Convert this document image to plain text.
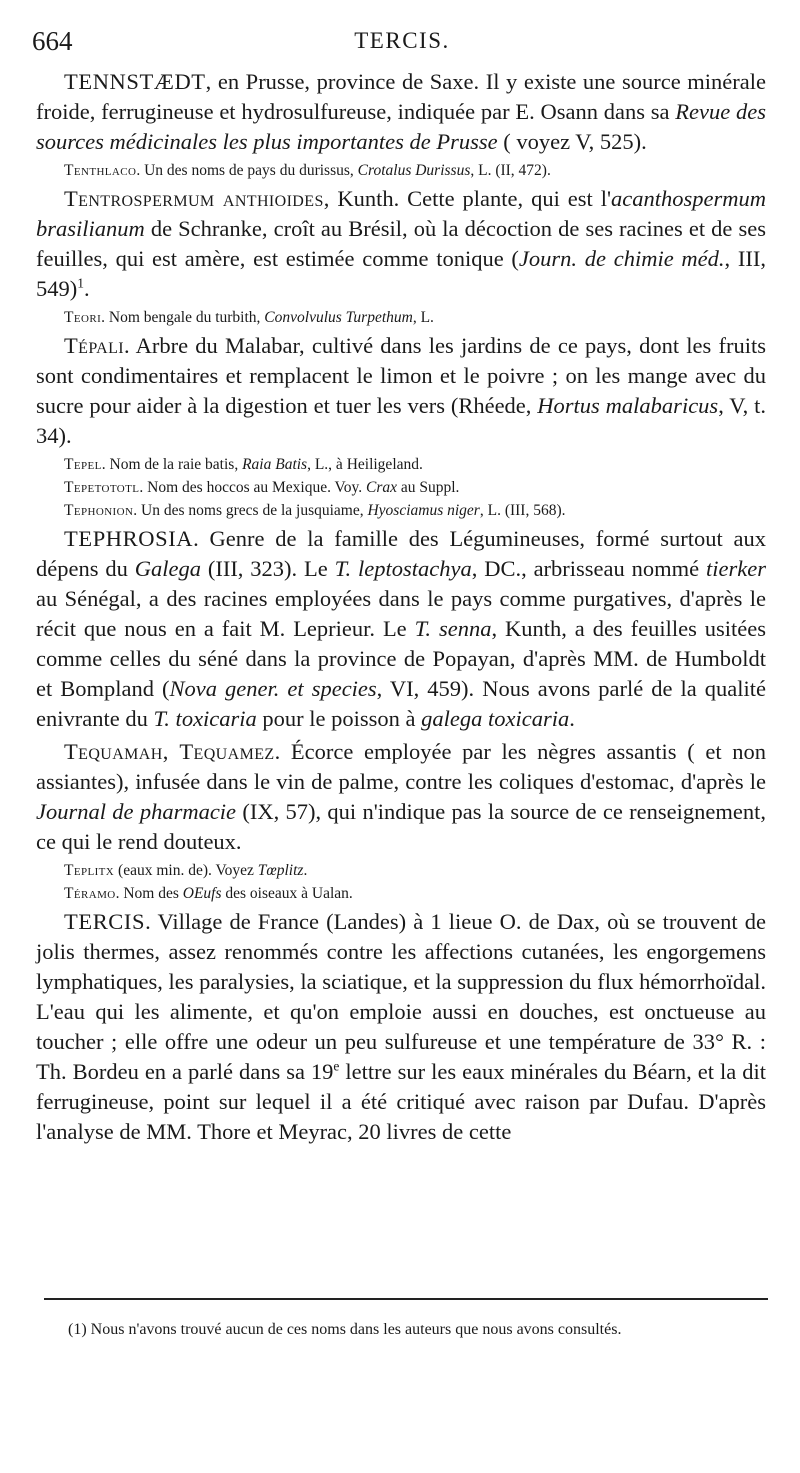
664	TERCIS.

TENNSTÆDT, en Prusse, province de Saxe. Il y existe une source minérale froide, ferrugineuse et hydrosulfureuse, indiquée par E. Osann dans sa Revue des sources médicinales les plus importantes de Prusse ( voyez V, 525).

Tenthlaco. Un des noms de pays du durissus, Crotalus Durissus, L. (II, 472).

Tentrospermum anthioides, Kunth. Cette plante, qui est l'acanthospermum brasilianum de Schranke, croît au Brésil, où la décoction de ses racines et de ses feuilles, qui est amère, est estimée comme tonique (Journ. de chimie méd., III, 549)$^1$.

Teori. Nom bengale du turbith, Convolvulus Turpethum, L.

Tépali. Arbre du Malabar, cultivé dans les jardins de ce pays, dont les fruits sont condimentaires et remplacent le limon et le poivre ; on les mange avec du sucre pour aider à la digestion et tuer les vers (Rhéede, Hortus malabaricus, V, t. 34).

Tepel. Nom de la raie batis, Raia Batis, L., à Heiligeland.

Tepetototl. Nom des hoccos au Mexique. Voy. Crax au Suppl.

Tephonion. Un des noms grecs de la jusquiame, Hyosciamus niger, L. (III, 568).

TEPHROSIA. Genre de la famille des Légumineuses, formé surtout aux dépens du Galega (III, 323). Le T. leptostachya, DC., arbrisseau nommé tierker au Sénégal, a des racines employées dans le pays comme purgatives, d'après le récit que nous en a fait M. Leprieur. Le T. senna, Kunth, a des feuilles usitées comme celles du séné dans la province de Popayan, d'après MM. de Humboldt et Bompland (Nova gener. et species, VI, 459). Nous avons parlé de la qualité enivrante du T. toxicaria pour le poisson à galega toxicaria.

Tequamah, Tequamez. Écorce employée par les nègres assantis ( et non assiantes), infusée dans le vin de palme, contre les coliques d'estomac, d'après le Journal de pharmacie (IX, 57), qui n'indique pas la source de ce renseignement, ce qui le rend douteux.

Teplitx (eaux min. de). Voyez Tœplitz.

Téramo. Nom des OEufs des oiseaux à Ualan.

TERCIS. Village de France (Landes) à 1 lieue O. de Dax, où se trouvent de jolis thermes, assez renommés contre les affections cutanées, les engorgemens lymphatiques, les paralysies, la sciatique, et la suppression du flux hémorrhoïdal. L'eau qui les alimente, et qu'on emploie aussi en douches, est onctueuse au toucher ; elle offre une odeur un peu sulfureuse et une température de 33° R. : Th. Bordeu en a parlé dans sa 19e lettre sur les eaux minérales du Béarn, et la dit ferrugineuse, point sur lequel il a été critiqué avec raison par Dufau. D'après l'analyse de MM. Thore et Meyrac, 20 livres de cette

(1) Nous n'avons trouvé aucun de ces noms dans les auteurs que nous avons consultés.
